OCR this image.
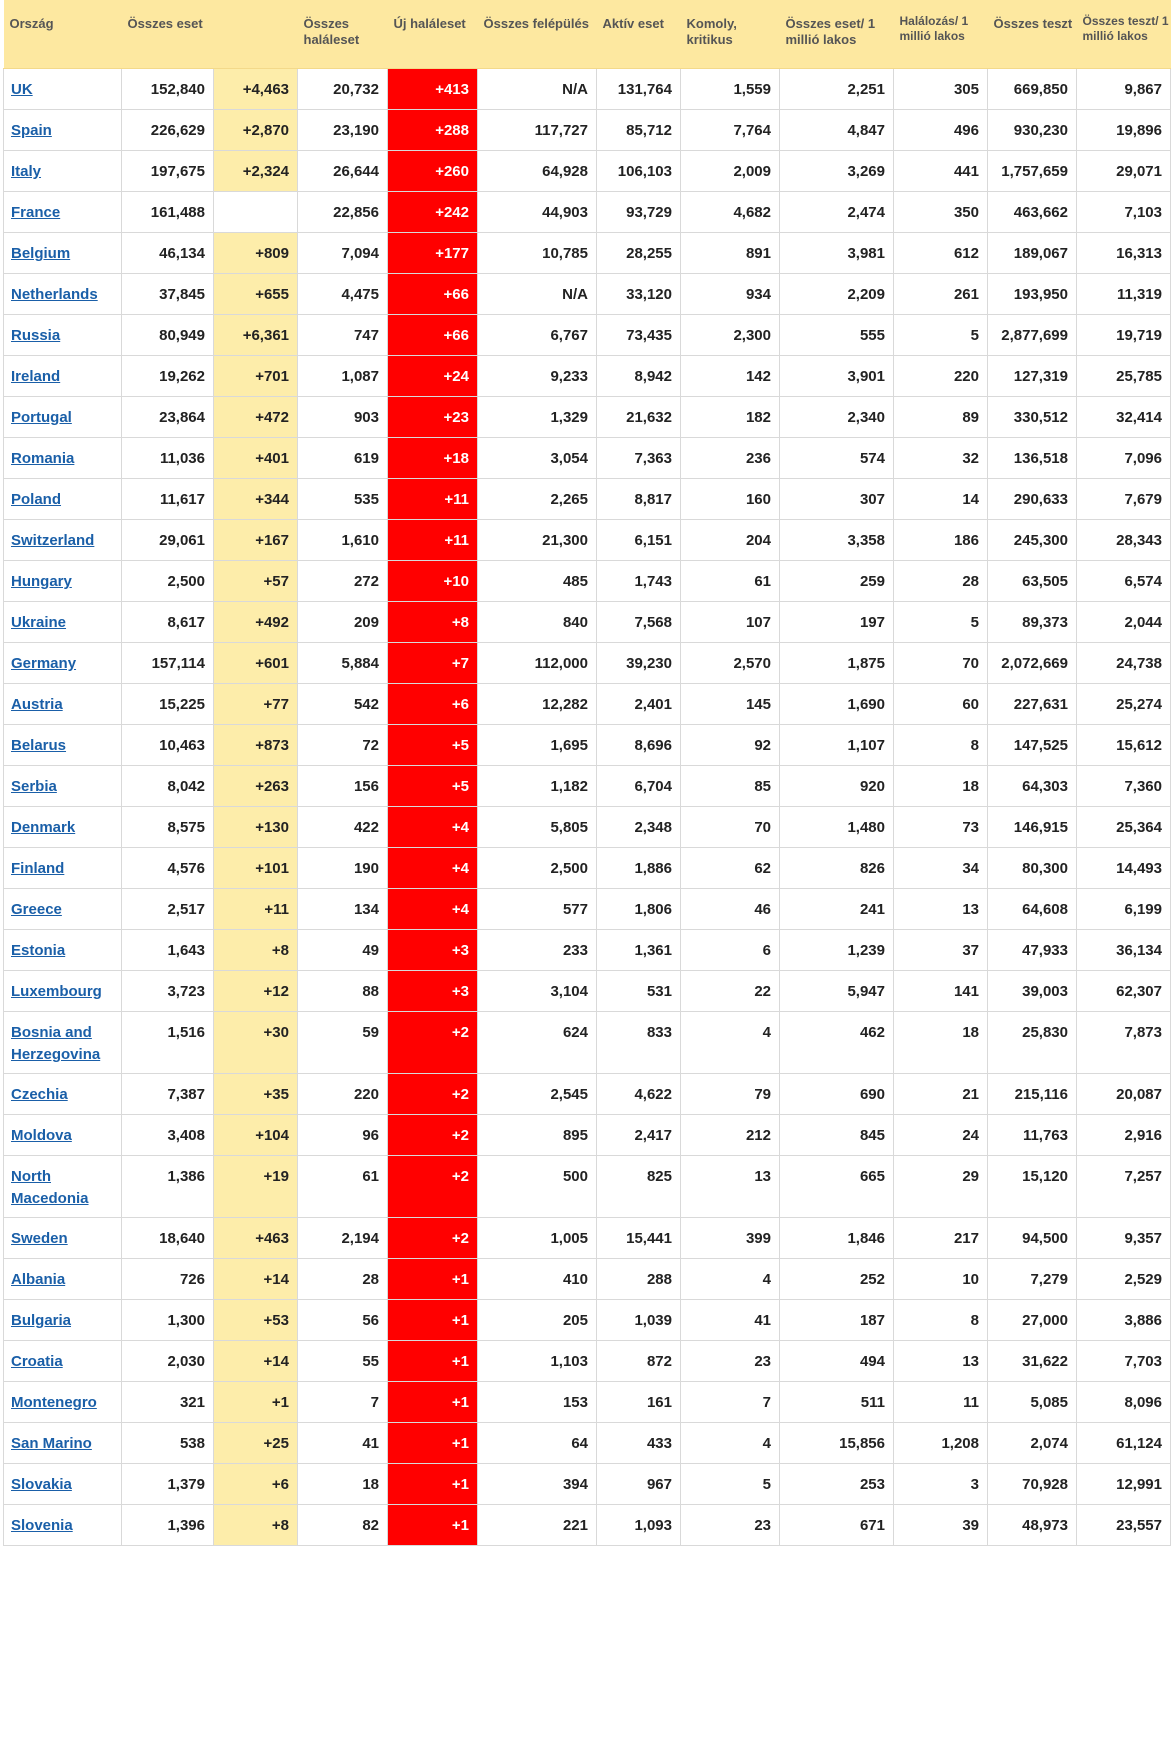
Ország	Összes eset		Összes haláleset	Új haláleset	Összes felépülés	Aktív eset	Komoly, kritikus	Összes eset/ 1 millió lakos	Halálozás/ 1 millió lakos	Összes teszt	Összes teszt/ 1 millió lakos
UK	152,840	+4,463	20,732	+413	N/A	131,764	1,559	2,251	305	669,850	9,867
Spain	226,629	+2,870	23,190	+288	117,727	85,712	7,764	4,847	496	930,230	19,896
Italy	197,675	+2,324	26,644	+260	64,928	106,103	2,009	3,269	441	1,757,659	29,071
France	161,488		22,856	+242	44,903	93,729	4,682	2,474	350	463,662	7,103
Belgium	46,134	+809	7,094	+177	10,785	28,255	891	3,981	612	189,067	16,313
Netherlands	37,845	+655	4,475	+66	N/A	33,120	934	2,209	261	193,950	11,319
Russia	80,949	+6,361	747	+66	6,767	73,435	2,300	555	5	2,877,699	19,719
Ireland	19,262	+701	1,087	+24	9,233	8,942	142	3,901	220	127,319	25,785
Portugal	23,864	+472	903	+23	1,329	21,632	182	2,340	89	330,512	32,414
Romania	11,036	+401	619	+18	3,054	7,363	236	574	32	136,518	7,096
Poland	11,617	+344	535	+11	2,265	8,817	160	307	14	290,633	7,679
Switzerland	29,061	+167	1,610	+11	21,300	6,151	204	3,358	186	245,300	28,343
Hungary	2,500	+57	272	+10	485	1,743	61	259	28	63,505	6,574
Ukraine	8,617	+492	209	+8	840	7,568	107	197	5	89,373	2,044
Germany	157,114	+601	5,884	+7	112,000	39,230	2,570	1,875	70	2,072,669	24,738
Austria	15,225	+77	542	+6	12,282	2,401	145	1,690	60	227,631	25,274
Belarus	10,463	+873	72	+5	1,695	8,696	92	1,107	8	147,525	15,612
Serbia	8,042	+263	156	+5	1,182	6,704	85	920	18	64,303	7,360
Denmark	8,575	+130	422	+4	5,805	2,348	70	1,480	73	146,915	25,364
Finland	4,576	+101	190	+4	2,500	1,886	62	826	34	80,300	14,493
Greece	2,517	+11	134	+4	577	1,806	46	241	13	64,608	6,199
Estonia	1,643	+8	49	+3	233	1,361	6	1,239	37	47,933	36,134
Luxembourg	3,723	+12	88	+3	3,104	531	22	5,947	141	39,003	62,307
Bosnia and Herzegovina	1,516	+30	59	+2	624	833	4	462	18	25,830	7,873
Czechia	7,387	+35	220	+2	2,545	4,622	79	690	21	215,116	20,087
Moldova	3,408	+104	96	+2	895	2,417	212	845	24	11,763	2,916
North Macedonia	1,386	+19	61	+2	500	825	13	665	29	15,120	7,257
Sweden	18,640	+463	2,194	+2	1,005	15,441	399	1,846	217	94,500	9,357
Albania	726	+14	28	+1	410	288	4	252	10	7,279	2,529
Bulgaria	1,300	+53	56	+1	205	1,039	41	187	8	27,000	3,886
Croatia	2,030	+14	55	+1	1,103	872	23	494	13	31,622	7,703
Montenegro	321	+1	7	+1	153	161	7	511	11	5,085	8,096
San Marino	538	+25	41	+1	64	433	4	15,856	1,208	2,074	61,124
Slovakia	1,379	+6	18	+1	394	967	5	253	3	70,928	12,991
Slovenia	1,396	+8	82	+1	221	1,093	23	671	39	48,973	23,557
